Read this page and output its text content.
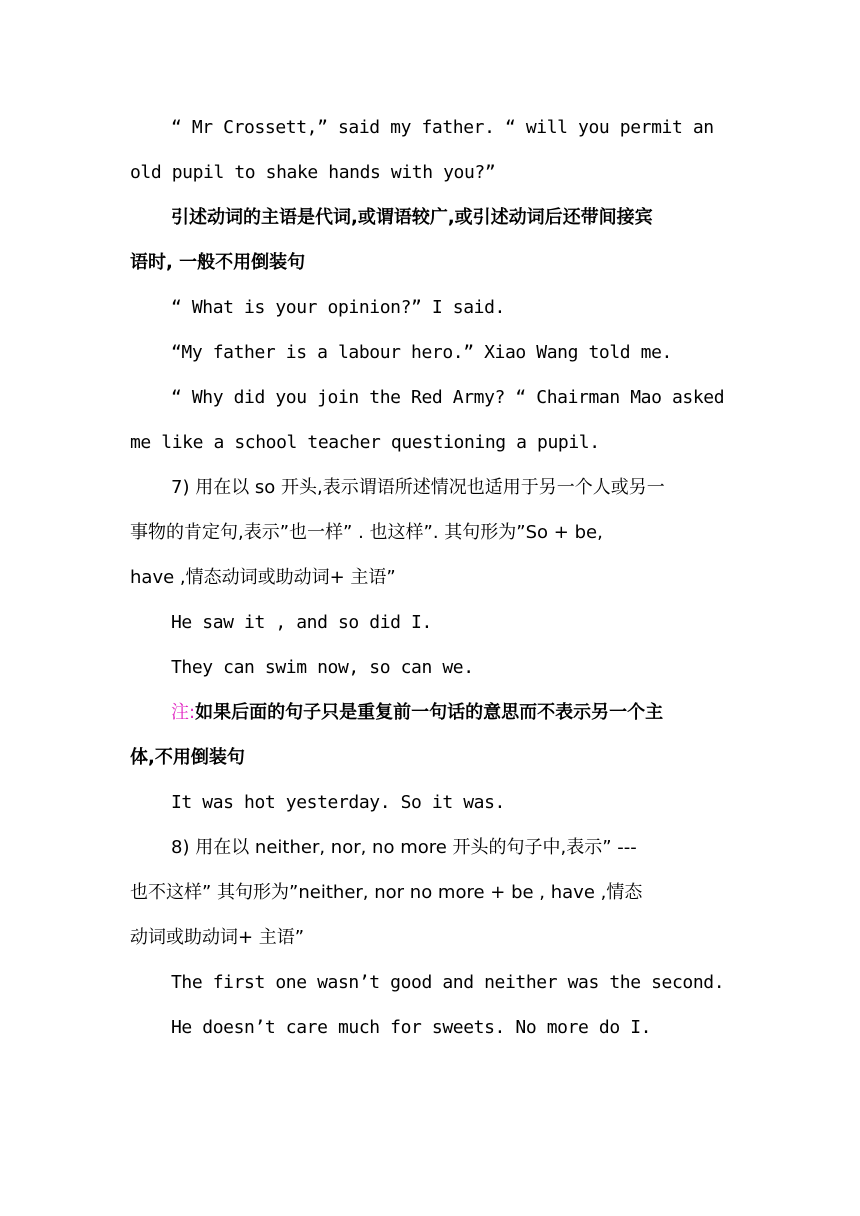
“ Mr Crossett,” said my father. “ will you permit an
old pupil to shake hands with you?”
引述动词的主语是代词,或谓语较广,或引述动词后还带间接宾
语时, 一般不用倒装句
“ What is your opinion?” I said.
“My father is a labour hero.” Xiao Wang told me.
“ Why did you join the Red Army? “ Chairman Mao asked
me like a school teacher questioning a pupil.
7) 用在以 so 开头,表示谓语所述情况也适用于另一个人或另一
事物的肯定句,表示”也一样” . 也这样”. 其句形为”So + be,
have ,情态动词或助动词+ 主语”
He saw it , and so did I.
They can swim now, so can we.
注:如果后面的句子只是重复前一句话的意思而不表示另一个主
体,不用倒装句
It was hot yesterday. So it was.
8) 用在以 neither, nor, no more 开头的句子中,表示” ---
也不这样” 其句形为”neither, nor no more + be , have ,情态
动词或助动词+ 主语”
The first one wasn’t good and neither was the second.
He doesn’t care much for sweets. No more do I.
